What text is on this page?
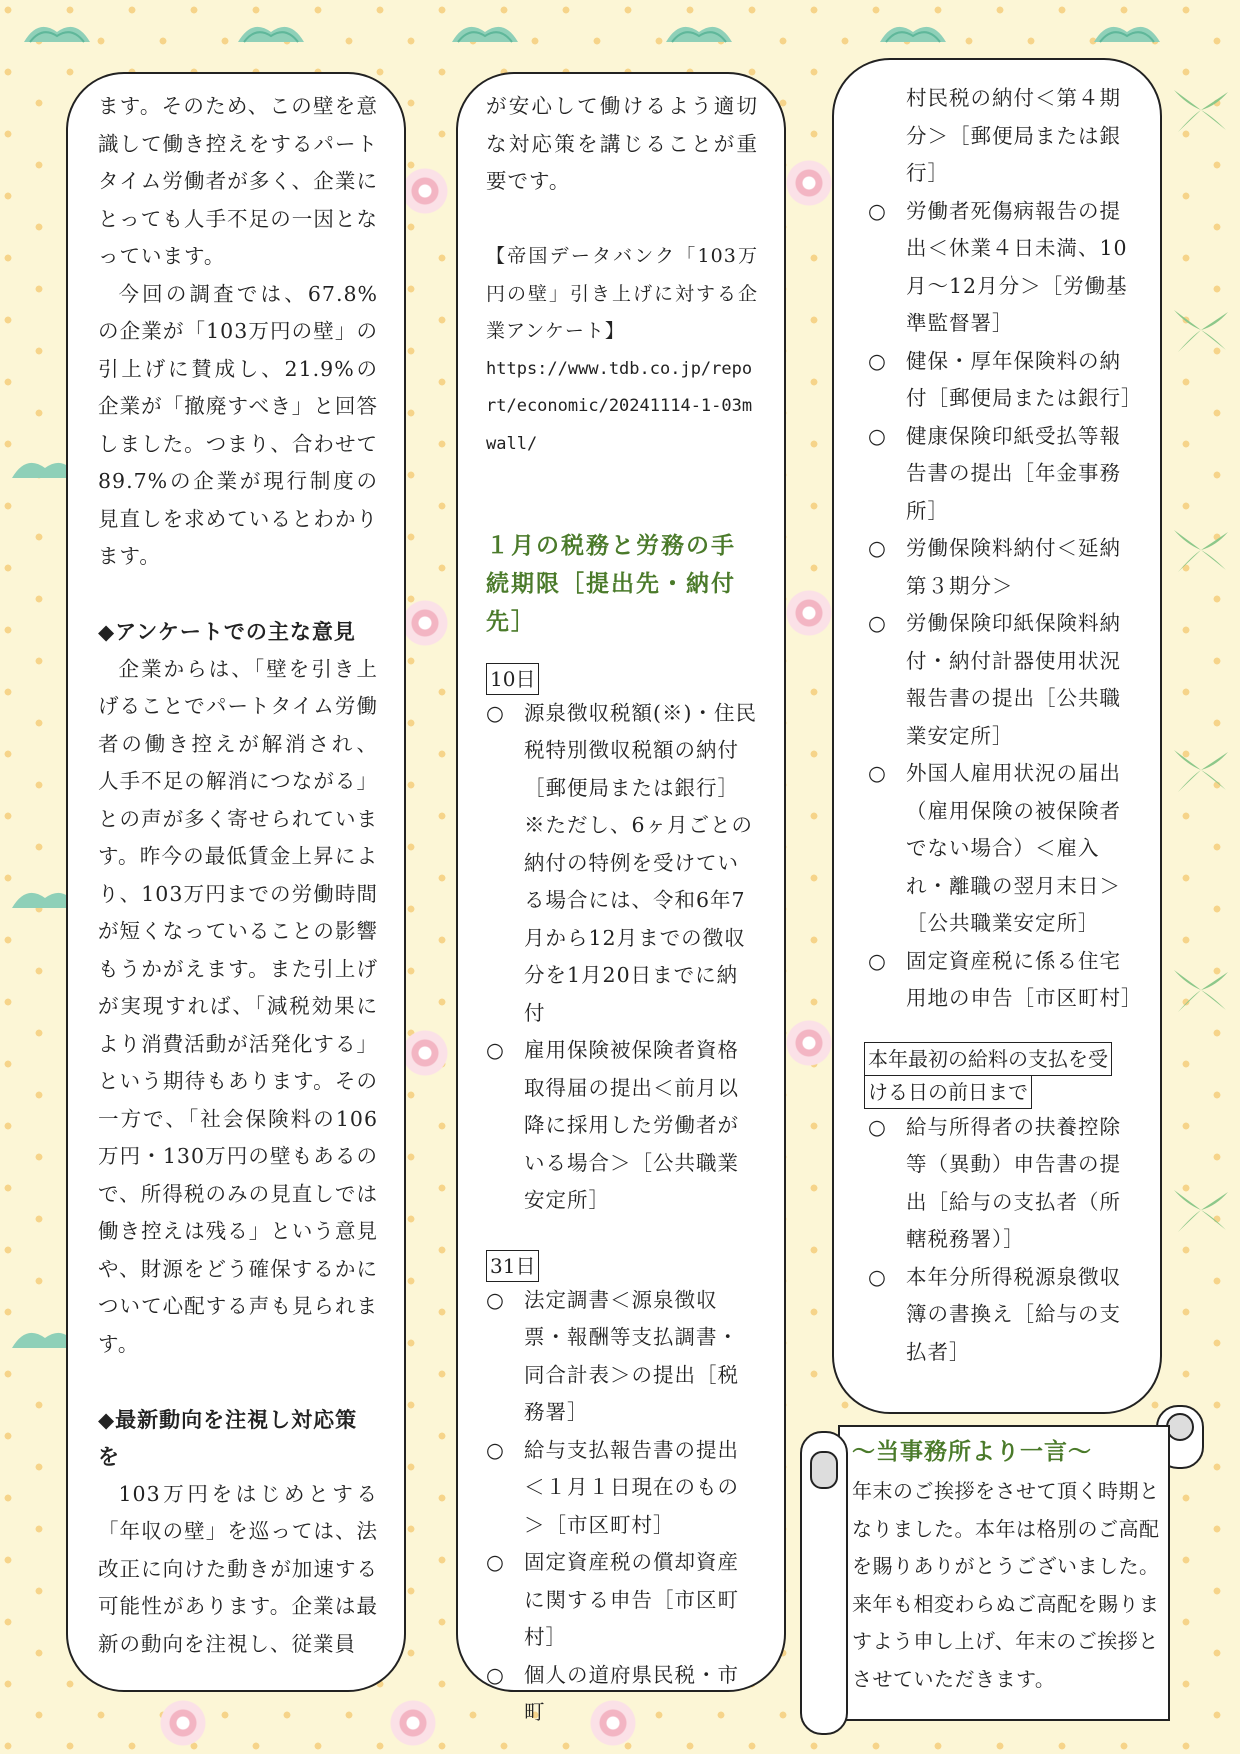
ます。そのため、この壁を意識して働き控えをするパートタイム労働者が多く、企業にとっても人手不足の一因となっています。

今回の調査では、67.8%の企業が「103万円の壁」の引上げに賛成し、21.9%の企業が「撤廃すべき」と回答しました。つまり、合わせて89.7%の企業が現行制度の見直しを求めているとわかります。

◆アンケートでの主な意見

企業からは、「壁を引き上げることでパートタイム労働者の働き控えが解消され、人手不足の解消につながる」との声が多く寄せられています。昨今の最低賃金上昇により、103万円までの労働時間が短くなっていることの影響もうかがえます。また引上げが実現すれば、「減税効果により消費活動が活発化する」という期待もあります。その一方で、「社会保険料の106万円・130万円の壁もあるので、所得税のみの見直しでは働き控えは残る」という意見や、財源をどう確保するかについて心配する声も見られます。

◆最新動向を注視し対応策を

103万円をはじめとする「年収の壁」を巡っては、法改正に向けた動きが加速する可能性があります。企業は最新の動向を注視し、従業員

が安心して働けるよう適切な対応策を講じることが重要です。

【帝国データバンク「103万円の壁」引き上げに対する企業アンケート】

https://www.tdb.co.jp/report/economic/20241114-1-03mwall/

１月の税務と労務の手続期限［提出先・納付先］

10日
○ 源泉徴収税額(※)・住民税特別徴収税額の納付［郵便局または銀行］※ただし、6ヶ月ごとの納付の特例を受けている場合には、令和6年7月から12月までの徴収分を1月20日までに納付
○ 雇用保険被保険者資格取得届の提出＜前月以降に採用した労働者がいる場合＞［公共職業安定所］
31日
○ 法定調書＜源泉徴収票・報酬等支払調書・同合計表＞の提出［税務署］
○ 給与支払報告書の提出＜１月１日現在のもの＞［市区町村］
○ 固定資産税の償却資産に関する申告［市区町村］
○ 個人の道府県民税・市町
村民税の納付＜第４期分＞［郵便局または銀行］
○ 労働者死傷病報告の提出＜休業４日未満、10月～12月分＞［労働基準監督署］
○ 健保・厚年保険料の納付［郵便局または銀行］
○ 健康保険印紙受払等報告書の提出［年金事務所］
○ 労働保険料納付＜延納第３期分＞
○ 労働保険印紙保険料納付・納付計器使用状況報告書の提出［公共職業安定所］
○ 外国人雇用状況の届出（雇用保険の被保険者でない場合）＜雇入れ・離職の翌月末日＞［公共職業安定所］
○ 固定資産税に係る住宅用地の申告［市区町村］
本年最初の給料の支払を受
ける日の前日まで
○ 給与所得者の扶養控除等（異動）申告書の提出［給与の支払者（所轄税務署）］
○ 本年分所得税源泉徴収簿の書換え［給与の支払者］

～当事務所より一言～

年末のご挨拶をさせて頂く時期となりました。本年は格別のご高配を賜りありがとうございました。来年も相変わらぬご高配を賜りますよう申し上げ、年末のご挨拶とさせていただきます。
